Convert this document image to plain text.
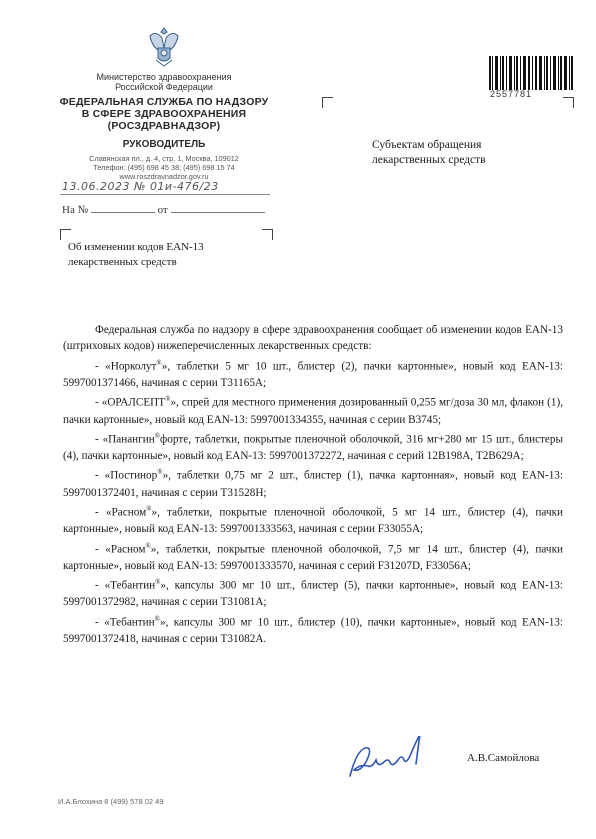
Министерство здравоохранения
Российской Федерации
ФЕДЕРАЛЬНАЯ СЛУЖБА ПО НАДЗОРУ
В СФЕРЕ ЗДРАВООХРАНЕНИЯ
(РОСЗДРАВНАДЗОР)
РУКОВОДИТЕЛЬ
Славянская пл., д. 4, стр. 1, Москва, 109012
Телефон: (495) 698 45 38; (495) 698 15 74
www.roszdravnadzor.gov.ru
13.06.2023 № 01и-476/23
На №	от
Об изменении кодов EAN-13
лекарственных средств
Субъектам обращения
лекарственных средств
2557781

Федеральная служба по надзору в сфере здравоохранения сообщает об изменении кодов EAN-13 (штриховых кодов) нижеперечисленных лекарственных средств:

- «Норколут®», таблетки 5 мг 10 шт., блистер (2), пачки картонные», новый код EAN-13: 5997001371466, начиная с серии Т31165А;

- «ОРАЛСЕПТ®», спрей для местного применения дозированный 0,255 мг/доза 30 мл, флакон (1), пачки картонные», новый код EAN-13: 5997001334355, начиная с серии В3745;

- «Панангин®форте, таблетки, покрытые пленочной оболочкой, 316 мг+280 мг 15 шт., блистеры (4), пачки картонные», новый код EAN-13: 5997001372272, начиная с серий 12В198А, Т2В629А;

- «Постинор®», таблетки 0,75 мг 2 шт., блистер (1), пачка картонная», новый код EAN-13: 5997001372401, начиная с серии Т31528Н;

- «Расном®», таблетки, покрытые пленочной оболочкой, 5 мг 14 шт., блистер (4), пачки картонные», новый код EAN-13: 5997001333563, начиная с серии F33055A;

- «Расном®», таблетки, покрытые пленочной оболочкой, 7,5 мг 14 шт., блистер (4), пачки картонные», новый код EAN-13: 5997001333570, начиная с серий F31207D, F33056A;

- «Тебантин®», капсулы 300 мг 10 шт., блистер (5), пачки картонные», новый код EAN-13: 5997001372982, начиная с серии Т31081А;

- «Тебантин®», капсулы 300 мг 10 шт., блистер (10), пачки картонные», новый код EAN-13: 5997001372418, начиная с серии Т31082А.

А.В.Самойлова
И.А.Блохина 8 (499) 578 02 49
